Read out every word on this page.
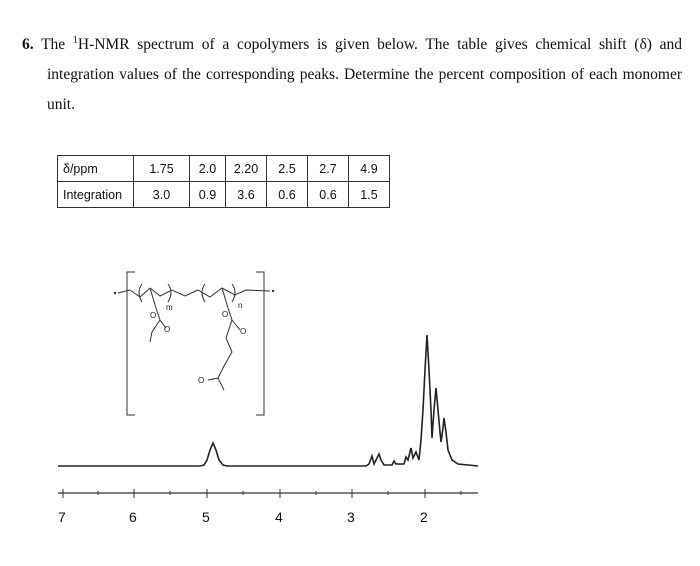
6. The $^1$H-NMR spectrum of a copolymers is given below. The table gives chemical shift (δ) and
integration values of the corresponding peaks. Determine the percent composition of each monomer
unit.
δ/ppm	1.75	2.0	2.20	2.5	2.7	4.9
Integration	3.0	0.9	3.6	0.6	0.6	1.5
m	n
O
O
O
O
O
7	6	5	4	3	2
